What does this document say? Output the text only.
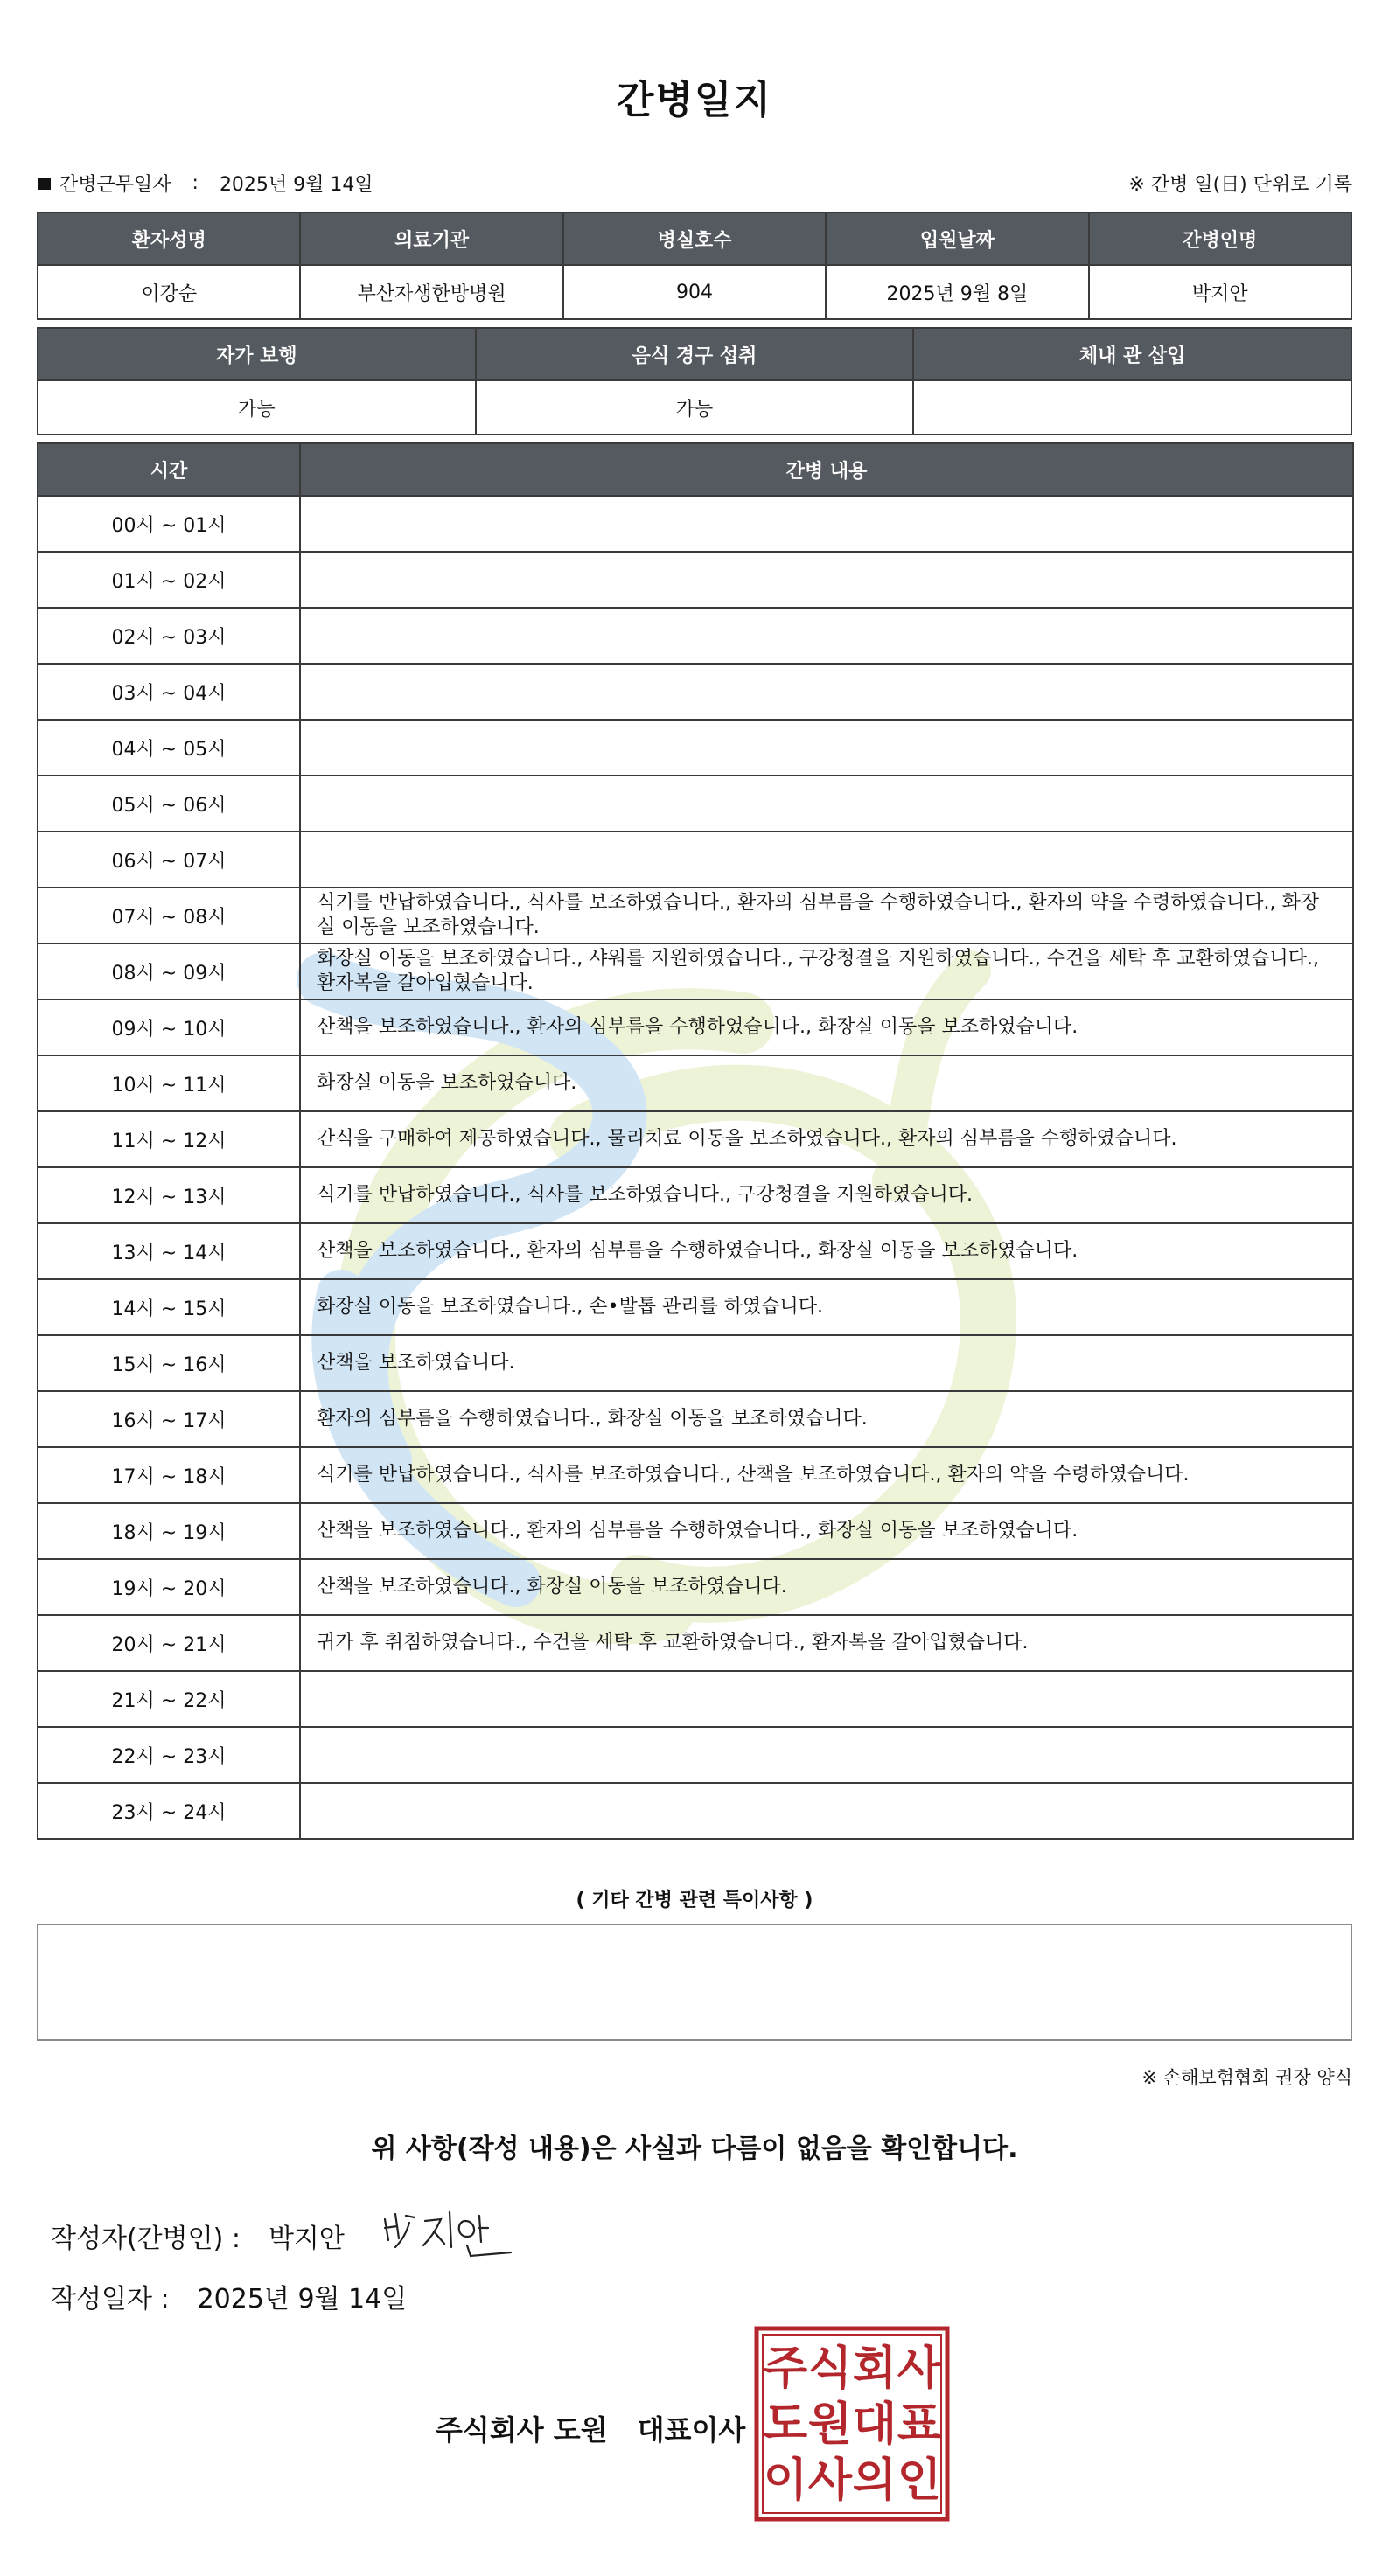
간병일지
간병근무일자 : 2025년 9월 14일	※ 간병 일(日) 단위로 기록
환자성명	의료기관	병실호수	입원날짜	간병인명
이강순	부산자생한방병원	904	2025년 9월 8일	박지안
자가 보행	음식 경구 섭취	체내 관 삽입
가능	가능	
시간	간병 내용
00시 ~ 01시	
01시 ~ 02시	
02시 ~ 03시	
03시 ~ 04시	
04시 ~ 05시	
05시 ~ 06시	
06시 ~ 07시	
07시 ~ 08시	식기를 반납하였습니다., 식사를 보조하였습니다., 환자의 심부름을 수행하였습니다., 환자의 약을 수령하였습니다., 화장실 이동을 보조하였습니다.
08시 ~ 09시	화장실 이동을 보조하였습니다., 샤워를 지원하였습니다., 구강청결을 지원하였습니다., 수건을 세탁 후 교환하였습니다., 환자복을 갈아입혔습니다.
09시 ~ 10시	산책을 보조하였습니다., 환자의 심부름을 수행하였습니다., 화장실 이동을 보조하였습니다.
10시 ~ 11시	화장실 이동을 보조하였습니다.
11시 ~ 12시	간식을 구매하여 제공하였습니다., 물리치료 이동을 보조하였습니다., 환자의 심부름을 수행하였습니다.
12시 ~ 13시	식기를 반납하였습니다., 식사를 보조하였습니다., 구강청결을 지원하였습니다.
13시 ~ 14시	산책을 보조하였습니다., 환자의 심부름을 수행하였습니다., 화장실 이동을 보조하였습니다.
14시 ~ 15시	화장실 이동을 보조하였습니다., 손•발톱 관리를 하였습니다.
15시 ~ 16시	산책을 보조하였습니다.
16시 ~ 17시	환자의 심부름을 수행하였습니다., 화장실 이동을 보조하였습니다.
17시 ~ 18시	식기를 반납하였습니다., 식사를 보조하였습니다., 산책을 보조하였습니다., 환자의 약을 수령하였습니다.
18시 ~ 19시	산책을 보조하였습니다., 환자의 심부름을 수행하였습니다., 화장실 이동을 보조하였습니다.
19시 ~ 20시	산책을 보조하였습니다., 화장실 이동을 보조하였습니다.
20시 ~ 21시	귀가 후 취침하였습니다., 수건을 세탁 후 교환하였습니다., 환자복을 갈아입혔습니다.
21시 ~ 22시	
22시 ~ 23시	
23시 ~ 24시	
( 기타 간병 관련 특이사항 )
※ 손해보험협회 권장 양식
위 사항(작성 내용)은 사실과 다름이 없음을 확인합니다.
작성자(간병인) : 박지안
작성일자 : 2025년 9월 14일
주식회사 도원 대표이사
주 식 회 사
도 원 대 표
이 사 의 인
